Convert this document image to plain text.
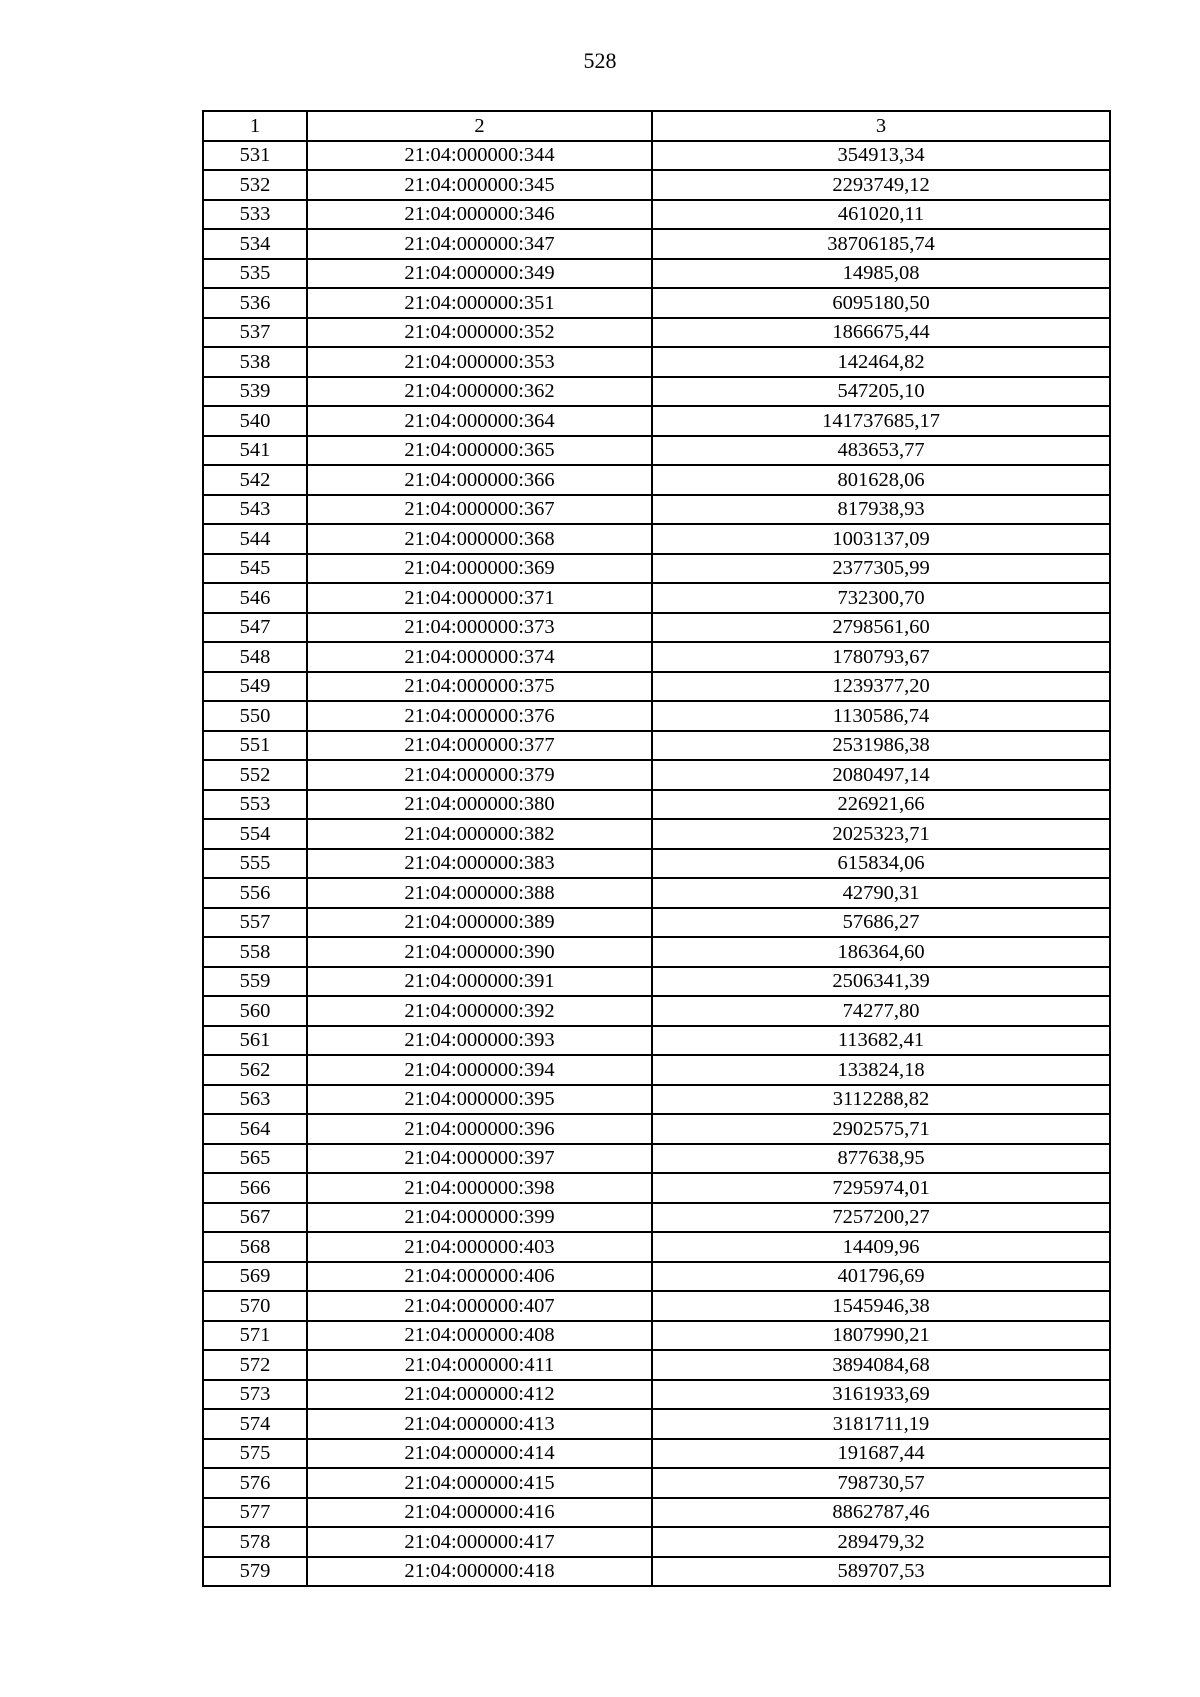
528
1	2	3
531	21:04:000000:344	354913,34
532	21:04:000000:345	2293749,12
533	21:04:000000:346	461020,11
534	21:04:000000:347	38706185,74
535	21:04:000000:349	14985,08
536	21:04:000000:351	6095180,50
537	21:04:000000:352	1866675,44
538	21:04:000000:353	142464,82
539	21:04:000000:362	547205,10
540	21:04:000000:364	141737685,17
541	21:04:000000:365	483653,77
542	21:04:000000:366	801628,06
543	21:04:000000:367	817938,93
544	21:04:000000:368	1003137,09
545	21:04:000000:369	2377305,99
546	21:04:000000:371	732300,70
547	21:04:000000:373	2798561,60
548	21:04:000000:374	1780793,67
549	21:04:000000:375	1239377,20
550	21:04:000000:376	1130586,74
551	21:04:000000:377	2531986,38
552	21:04:000000:379	2080497,14
553	21:04:000000:380	226921,66
554	21:04:000000:382	2025323,71
555	21:04:000000:383	615834,06
556	21:04:000000:388	42790,31
557	21:04:000000:389	57686,27
558	21:04:000000:390	186364,60
559	21:04:000000:391	2506341,39
560	21:04:000000:392	74277,80
561	21:04:000000:393	113682,41
562	21:04:000000:394	133824,18
563	21:04:000000:395	3112288,82
564	21:04:000000:396	2902575,71
565	21:04:000000:397	877638,95
566	21:04:000000:398	7295974,01
567	21:04:000000:399	7257200,27
568	21:04:000000:403	14409,96
569	21:04:000000:406	401796,69
570	21:04:000000:407	1545946,38
571	21:04:000000:408	1807990,21
572	21:04:000000:411	3894084,68
573	21:04:000000:412	3161933,69
574	21:04:000000:413	3181711,19
575	21:04:000000:414	191687,44
576	21:04:000000:415	798730,57
577	21:04:000000:416	8862787,46
578	21:04:000000:417	289479,32
579	21:04:000000:418	589707,53
